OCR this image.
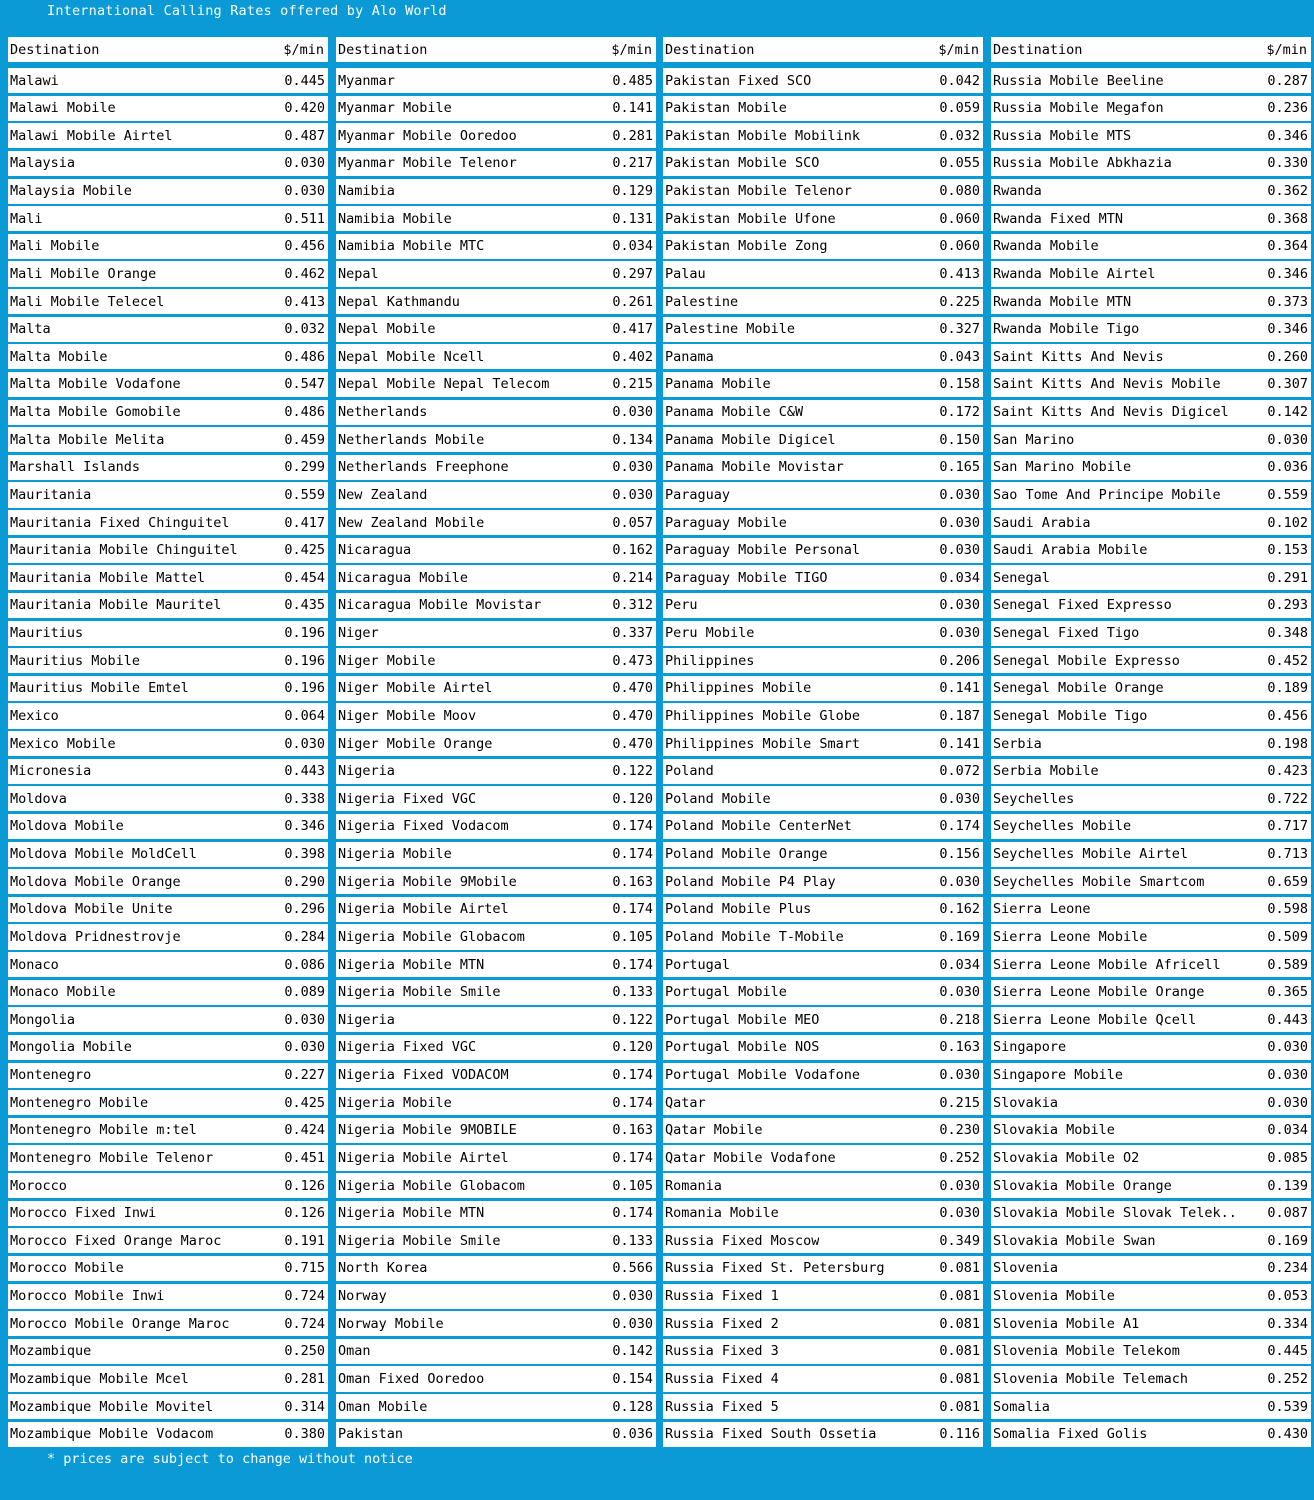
International Calling Rates offered by Alo World
Destination	$/min
Malawi	0.445
Malawi Mobile	0.420
Malawi Mobile Airtel	0.487
Malaysia	0.030
Malaysia Mobile	0.030
Mali	0.511
Mali Mobile	0.456
Mali Mobile Orange	0.462
Mali Mobile Telecel	0.413
Malta	0.032
Malta Mobile	0.486
Malta Mobile Vodafone	0.547
Malta Mobile Gomobile	0.486
Malta Mobile Melita	0.459
Marshall Islands	0.299
Mauritania	0.559
Mauritania Fixed Chinguitel	0.417
Mauritania Mobile Chinguitel	0.425
Mauritania Mobile Mattel	0.454
Mauritania Mobile Mauritel	0.435
Mauritius	0.196
Mauritius Mobile	0.196
Mauritius Mobile Emtel	0.196
Mexico	0.064
Mexico Mobile	0.030
Micronesia	0.443
Moldova	0.338
Moldova Mobile	0.346
Moldova Mobile MoldCell	0.398
Moldova Mobile Orange	0.290
Moldova Mobile Unite	0.296
Moldova Pridnestrovje	0.284
Monaco	0.086
Monaco Mobile	0.089
Mongolia	0.030
Mongolia Mobile	0.030
Montenegro	0.227
Montenegro Mobile	0.425
Montenegro Mobile m:tel	0.424
Montenegro Mobile Telenor	0.451
Morocco	0.126
Morocco Fixed Inwi	0.126
Morocco Fixed Orange Maroc	0.191
Morocco Mobile	0.715
Morocco Mobile Inwi	0.724
Morocco Mobile Orange Maroc	0.724
Mozambique	0.250
Mozambique Mobile Mcel	0.281
Mozambique Mobile Movitel	0.314
Mozambique Mobile Vodacom	0.380
Destination	$/min
Myanmar	0.485
Myanmar Mobile	0.141
Myanmar Mobile Ooredoo	0.281
Myanmar Mobile Telenor	0.217
Namibia	0.129
Namibia Mobile	0.131
Namibia Mobile MTC	0.034
Nepal	0.297
Nepal Kathmandu	0.261
Nepal Mobile	0.417
Nepal Mobile Ncell	0.402
Nepal Mobile Nepal Telecom	0.215
Netherlands	0.030
Netherlands Mobile	0.134
Netherlands Freephone	0.030
New Zealand	0.030
New Zealand Mobile	0.057
Nicaragua	0.162
Nicaragua Mobile	0.214
Nicaragua Mobile Movistar	0.312
Niger	0.337
Niger Mobile	0.473
Niger Mobile Airtel	0.470
Niger Mobile Moov	0.470
Niger Mobile Orange	0.470
Nigeria	0.122
Nigeria Fixed VGC	0.120
Nigeria Fixed Vodacom	0.174
Nigeria Mobile	0.174
Nigeria Mobile 9Mobile	0.163
Nigeria Mobile Airtel	0.174
Nigeria Mobile Globacom	0.105
Nigeria Mobile MTN	0.174
Nigeria Mobile Smile	0.133
Nigeria	0.122
Nigeria Fixed VGC	0.120
Nigeria Fixed VODACOM	0.174
Nigeria Mobile	0.174
Nigeria Mobile 9MOBILE	0.163
Nigeria Mobile Airtel	0.174
Nigeria Mobile Globacom	0.105
Nigeria Mobile MTN	0.174
Nigeria Mobile Smile	0.133
North Korea	0.566
Norway	0.030
Norway Mobile	0.030
Oman	0.142
Oman Fixed Ooredoo	0.154
Oman Mobile	0.128
Pakistan	0.036
Destination	$/min
Pakistan Fixed SCO	0.042
Pakistan Mobile	0.059
Pakistan Mobile Mobilink	0.032
Pakistan Mobile SCO	0.055
Pakistan Mobile Telenor	0.080
Pakistan Mobile Ufone	0.060
Pakistan Mobile Zong	0.060
Palau	0.413
Palestine	0.225
Palestine Mobile	0.327
Panama	0.043
Panama Mobile	0.158
Panama Mobile C&W	0.172
Panama Mobile Digicel	0.150
Panama Mobile Movistar	0.165
Paraguay	0.030
Paraguay Mobile	0.030
Paraguay Mobile Personal	0.030
Paraguay Mobile TIGO	0.034
Peru	0.030
Peru Mobile	0.030
Philippines	0.206
Philippines Mobile	0.141
Philippines Mobile Globe	0.187
Philippines Mobile Smart	0.141
Poland	0.072
Poland Mobile	0.030
Poland Mobile CenterNet	0.174
Poland Mobile Orange	0.156
Poland Mobile P4 Play	0.030
Poland Mobile Plus	0.162
Poland Mobile T-Mobile	0.169
Portugal	0.034
Portugal Mobile	0.030
Portugal Mobile MEO	0.218
Portugal Mobile NOS	0.163
Portugal Mobile Vodafone	0.030
Qatar	0.215
Qatar Mobile	0.230
Qatar Mobile Vodafone	0.252
Romania	0.030
Romania Mobile	0.030
Russia Fixed Moscow	0.349
Russia Fixed St. Petersburg	0.081
Russia Fixed 1	0.081
Russia Fixed 2	0.081
Russia Fixed 3	0.081
Russia Fixed 4	0.081
Russia Fixed 5	0.081
Russia Fixed South Ossetia	0.116
Destination	$/min
Russia Mobile Beeline	0.287
Russia Mobile Megafon	0.236
Russia Mobile MTS	0.346
Russia Mobile Abkhazia	0.330
Rwanda	0.362
Rwanda Fixed MTN	0.368
Rwanda Mobile	0.364
Rwanda Mobile Airtel	0.346
Rwanda Mobile MTN	0.373
Rwanda Mobile Tigo	0.346
Saint Kitts And Nevis	0.260
Saint Kitts And Nevis Mobile	0.307
Saint Kitts And Nevis Digicel	0.142
San Marino	0.030
San Marino Mobile	0.036
Sao Tome And Principe Mobile	0.559
Saudi Arabia	0.102
Saudi Arabia Mobile	0.153
Senegal	0.291
Senegal Fixed Expresso	0.293
Senegal Fixed Tigo	0.348
Senegal Mobile Expresso	0.452
Senegal Mobile Orange	0.189
Senegal Mobile Tigo	0.456
Serbia	0.198
Serbia Mobile	0.423
Seychelles	0.722
Seychelles Mobile	0.717
Seychelles Mobile Airtel	0.713
Seychelles Mobile Smartcom	0.659
Sierra Leone	0.598
Sierra Leone Mobile	0.509
Sierra Leone Mobile Africell	0.589
Sierra Leone Mobile Orange	0.365
Sierra Leone Mobile Qcell	0.443
Singapore	0.030
Singapore Mobile	0.030
Slovakia	0.030
Slovakia Mobile	0.034
Slovakia Mobile O2	0.085
Slovakia Mobile Orange	0.139
Slovakia Mobile Slovak Telek.. 0.087
Slovakia Mobile Swan	0.169
Slovenia	0.234
Slovenia Mobile	0.053
Slovenia Mobile A1	0.334
Slovenia Mobile Telekom	0.445
Slovenia Mobile Telemach	0.252
Somalia	0.539
Somalia Fixed Golis	0.430
* prices are subject to change without notice
